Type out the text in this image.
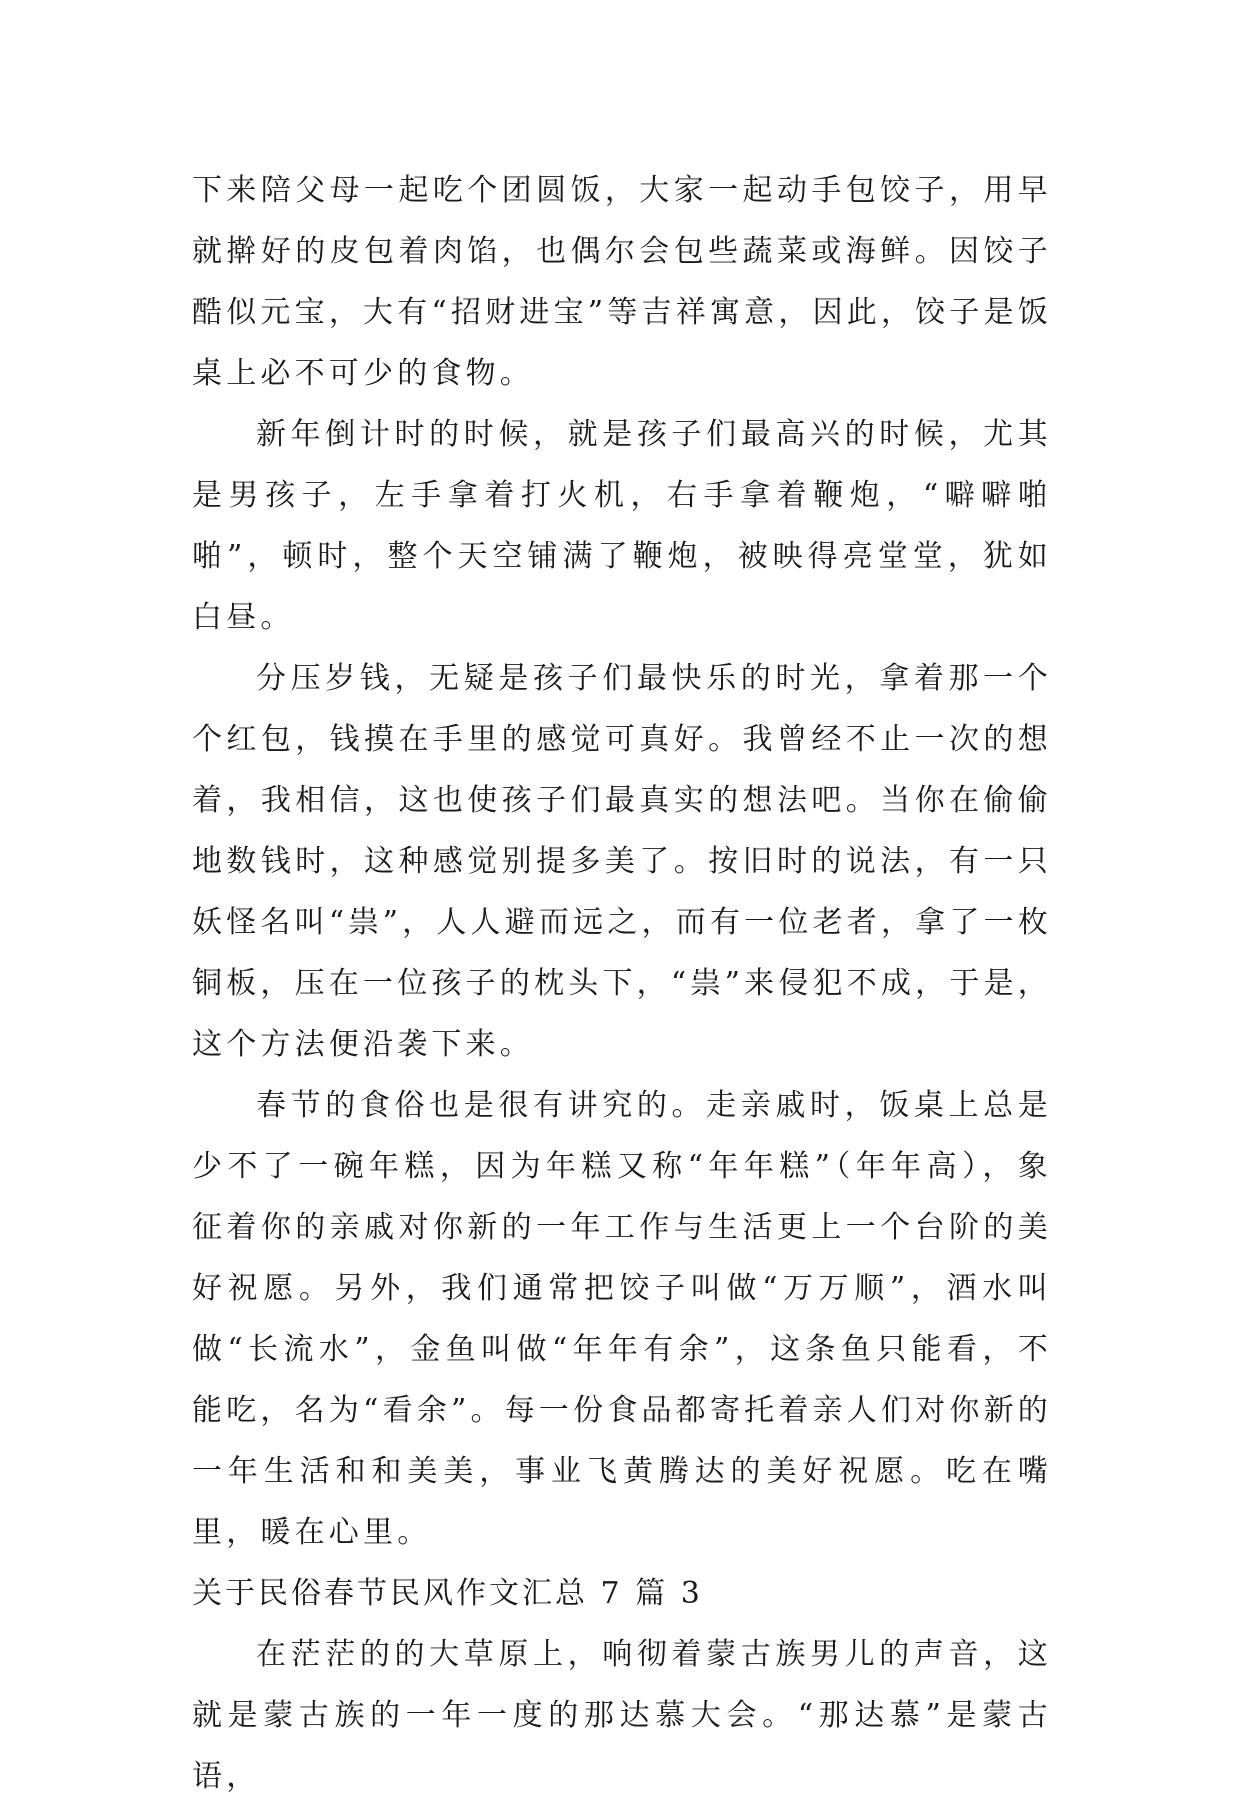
下来陪父母一起吃个团圆饭，大家一起动手包饺子，用早就擀好的皮包着肉馅，也偶尔会包些蔬菜或海鲜。因饺子酷似元宝，大有“招财进宝”等吉祥寓意，因此，饺子是饭桌上必不可少的食物。

新年倒计时的时候，就是孩子们最高兴的时候，尤其是男孩子，左手拿着打火机，右手拿着鞭炮，“噼噼啪啪”，顿时，整个天空铺满了鞭炮，被映得亮堂堂，犹如白昼。

分压岁钱，无疑是孩子们最快乐的时光，拿着那一个个红包，钱摸在手里的感觉可真好。我曾经不止一次的想着，我相信，这也使孩子们最真实的想法吧。当你在偷偷地数钱时，这种感觉别提多美了。按旧时的说法，有一只妖怪名叫“祟”，人人避而远之，而有一位老者，拿了一枚铜板，压在一位孩子的枕头下，“祟”来侵犯不成，于是，这个方法便沿袭下来。

春节的食俗也是很有讲究的。走亲戚时，饭桌上总是少不了一碗年糕，因为年糕又称“年年糕”（年年高），象征着你的亲戚对你新的一年工作与生活更上一个台阶的美好祝愿。另外，我们通常把饺子叫做“万万顺”，酒水叫做“长流水”，金鱼叫做“年年有余”，这条鱼只能看，不能吃，名为“看余”。每一份食品都寄托着亲人们对你新的一年生活和和美美，事业飞黄腾达的美好祝愿。吃在嘴里，暖在心里。

关于民俗春节民风作文汇总 7 篇 3

在茫茫的的大草原上，响彻着蒙古族男儿的声音，这就是蒙古族的一年一度的那达慕大会。“那达慕”是蒙古语，
